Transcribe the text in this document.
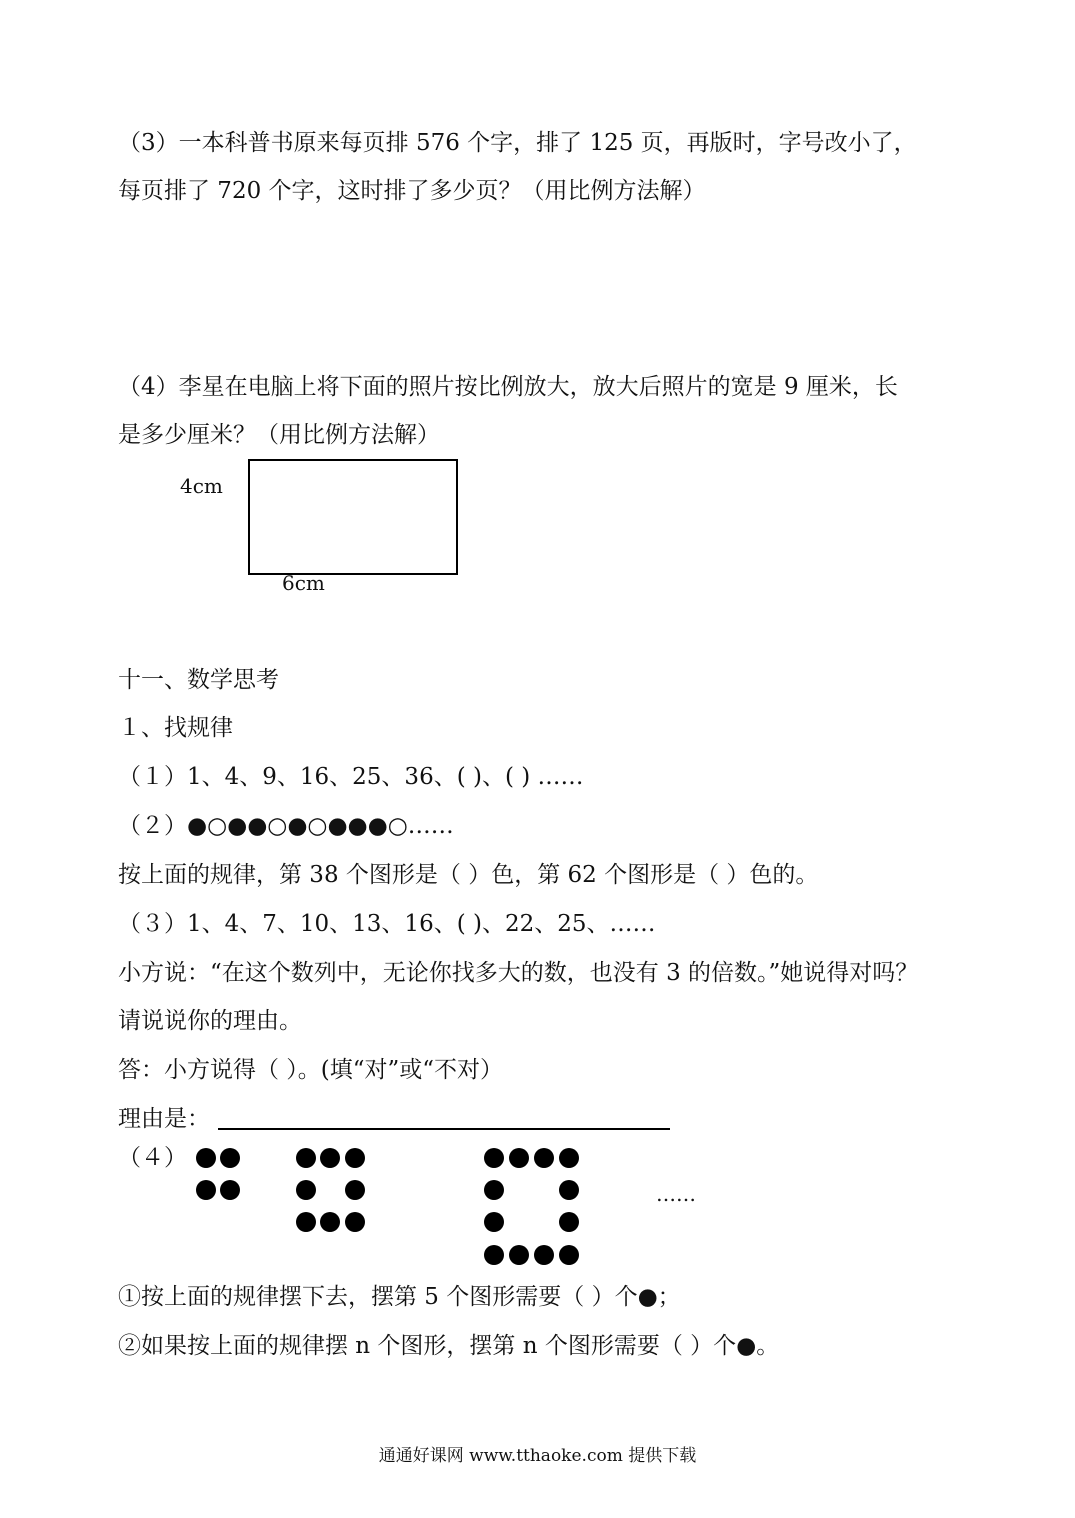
（3）一本科普书原来每页排 576 个字，排了 125 页，再版时，字号改小了，
每页排了 720 个字，这时排了多少页？（用比例方法解）
（4）李星在电脑上将下面的照片按比例放大，放大后照片的宽是 9 厘米，长
是多少厘米？（用比例方法解）
4cm
6cm
十一、数学思考
１、找规律
（１）1、4、9、16、25、36、( )、( ) ……
（２）●○●●○●○●●●○……
按上面的规律，第 38 个图形是（ ）色，第 62 个图形是（ ）色的。
（３）1、4、7、10、13、16、( )、22、25、……
小方说：“在这个数列中，无论你找多大的数，也没有 3 的倍数。”她说得对吗？
请说说你的理由。
答：小方说得（ ）。(填“对”或“不对）
理由是：
（４）
……
①按上面的规律摆下去，摆第 5 个图形需要（ ）个●；
②如果按上面的规律摆 n 个图形，摆第 n 个图形需要（ ）个●。
通通好课网 www.tthaoke.com 提供下载
